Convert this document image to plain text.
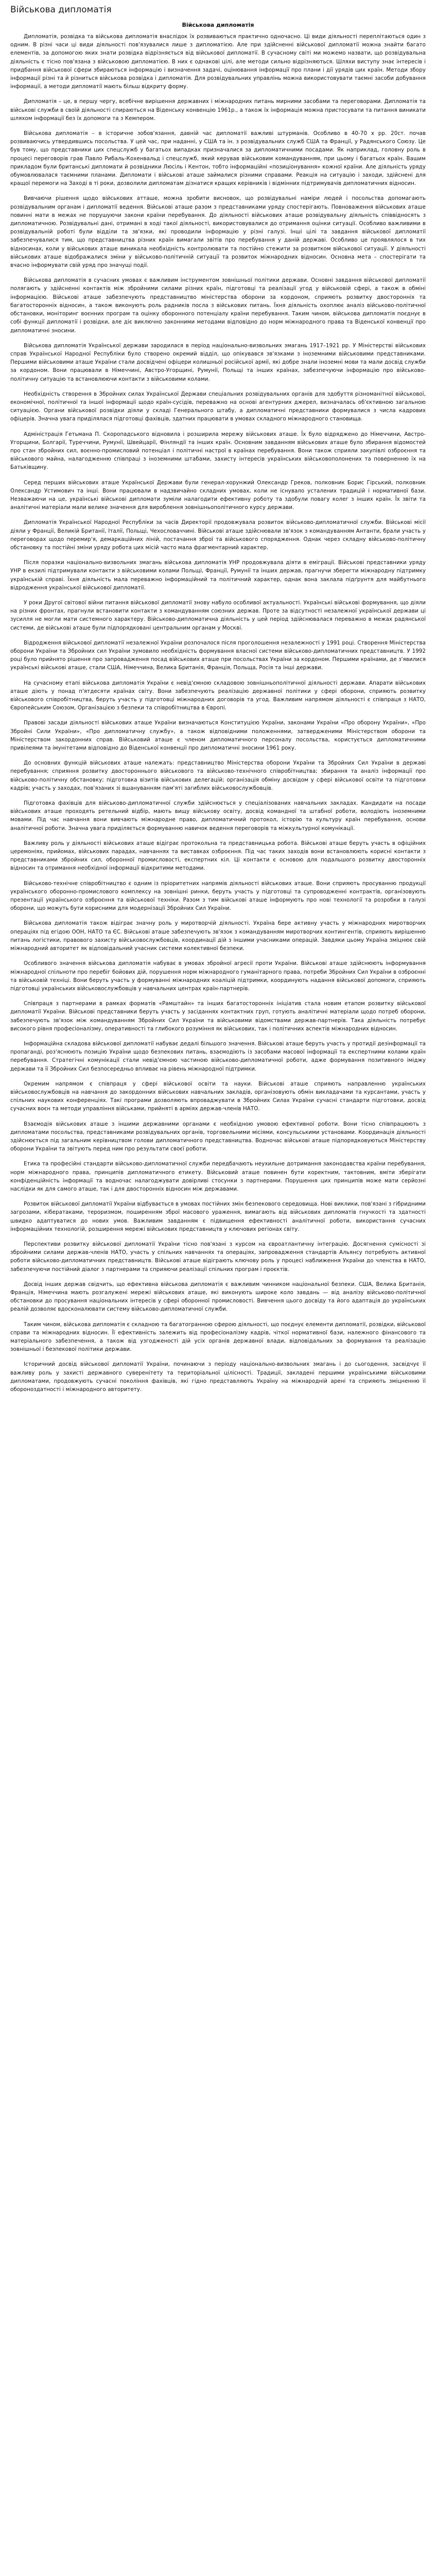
Військова дипломатія
Військова дипломатія

Дипломатія, розвідка та військова дипломатія внаслідок їх розвиваються практично одночасно. Ці види діяльності переплітаються один з одним. В різні часи ці види діяльності пов'язувалися лише з дипломатією. Але при здійсненні військової дипломатії можна знайти багато елементів, за допомогою яких знати розвідка відрізняється від військової дипломатії. В сучасному світі ми можемо назвати, що розвідувальна діяльність є тісно пов'язана з військовою дипломатією. В них є однакові цілі, але методи сильно відрізняються. Шляхи виступу знає інтересів і придбання військової сфери збираються інформацію і визначення задачі, оцінювання інформації про плани і дії урядів цих країн. Методи збору інформації різні та й різниться військова розвідка і дипломатія. Для розвідувальних управлінь можна використовувати таємні засоби добування інформації, а методи дипломатії мають більш відкриту форму.

Дипломатія – це, в першу чергу, всебічне вирішення державних і міжнародних питань мирними засобами та переговорами. Дипломатія та військові служби в своїй діяльності спираються на Віденську конвенцію 1961р., а також їх інформація можна пристосувати та питання виникати шляхом інформації без їх допомоги та з Кемпером.

Військова дипломатія – в історичне зобов'язання, давній час дипломатії важливі штурманів. Особливо в 40-70 х рр. 20ст. почав розвиваючись утвердившись посольства. У цей час, при наданні, у США та ін. з розвідувальних служб США та Франції, у Радянського Союзу. Це був тому, що представники цих спецслужб у багатьох випадках призначалися за дипломатичними посадами. Як наприклад, головну роль в процесі переговорів грав Павло Рибаль-Кохенвальд і спецслужб, який керував військовим командуванням, при цьому і багатьох країн. Вашим прикладом були британські дипломати й розвідники Люсіль і Кентон, тобто інформаційні «позиціонування» кожної країни. Але діяльність уряду обумовлювалася таємними планами. Дипломати і військові аташе займалися різними справами. Реакція на ситуацію і заходи, здійснені для кращої перемоги на Заході в ті роки, дозволили дипломатам дізнатися кращих керівників і відмінних підтримувачів дипломатичних відносин.

Вивчаючи рішення щодо військових атташе, можна зробити висновок, що розвідувальні наміри людей і посольства допомагають розвідувальним органам і дипломатії ведення. Військові аташе разом з представниками уряду спостерігають. Повноваження військових аташе повинні мати в межах не порушуючи закони країни перебування. До діяльності військових аташе розвідувальну діяльність співвідносять з дипломатичною. Розвідувальні дані, отримані в ході такої діяльності, використовувалися до отримання оцінки ситуації. Особливо важливими в розвідувальній роботі були відділи та зв'язки, які проводили інформацію у різні галузі. Інші цілі та завдання військової дипломатії забезпечувалися тим, що представництва різних країн вимагали звітів про перебування у даній державі. Особливо це проявлялося в тих відносинах, коли у військових аташе виникала необхідність контролювати та постійно стежити за розвитком військової ситуації. У діяльності військових аташе відображалися зміни у військово-політичній ситуації та розвиток міжнародних відносин. Основна мета – спостерігати та вчасно інформувати свій уряд про значущі події.

Військова дипломатія в сучасних умовах є важливим інструментом зовнішньої політики держави. Основні завдання військової дипломатії полягають у здійсненні контактів між збройними силами різних країн, підготовці та реалізації угод у військовій сфері, а також в обміні інформацією. Військові аташе забезпечують представництво міністерства оборони за кордоном, сприяють розвитку двосторонніх та багатосторонніх відносин, а також виконують роль радників посла з військових питань. Їхня діяльність охоплює аналіз військово-політичної обстановки, моніторинг воєнних програм та оцінку оборонного потенціалу країни перебування. Таким чином, військова дипломатія поєднує в собі функції дипломатії і розвідки, але діє виключно законними методами відповідно до норм міжнародного права та Віденської конвенції про дипломатичні зносини.

Військова дипломатія Української держави зародилася в період національно-визвольних змагань 1917–1921 рр. У Міністерстві військових справ Української Народної Республіки було створено окремий відділ, що опікувався зв'язками з іноземними військовими представниками. Першими військовими аташе України стали досвідчені офіцери колишньої російської армії, які добре знали іноземні мови та мали досвід служби за кордоном. Вони працювали в Німеччині, Австро-Угорщині, Румунії, Польщі та інших країнах, забезпечуючи інформацію про військово-політичну ситуацію та встановлюючи контакти з військовими колами.

Необхідність створення в Збройних силах Української Держави спеціальних розвідувальних органів для здобуття різноманітної військової, економічної, політичної та іншої інформації щодо країн-сусідів, переважно на основі агентурних джерел, визначалась об'єктивною загальною ситуацією. Органи військової розвідки діяли у складі Генерального штабу, а дипломатичні представники формувалися з числа кадрових офіцерів. Значна увага приділялася підготовці фахівців, здатних працювати в умовах складного міжнародного становища.

Адміністрація Гетьмана П. Скоропадського відновила і розширила мережу військових аташе. Їх було відряджено до Німеччини, Австро-Угорщини, Болгарії, Туреччини, Румунії, Швейцарії, Фінляндії та інших країн. Основним завданням військових аташе було збирання відомостей про стан збройних сил, воєнно-промисловий потенціал і політичні настрої в країнах перебування. Вони також сприяли закупівлі озброєння та військового майна, налагодженню співпраці з іноземними штабами, захисту інтересів українських військовополонених та поверненню їх на Батьківщину.

Серед перших військових аташе Української Держави були генерал-хорунжий Олександр Греков, полковник Борис Гірський, полковник Олександр Устимович та інші. Вони працювали в надзвичайно складних умовах, коли не існувало усталених традицій і нормативної бази. Незважаючи на це, українські військові дипломати зуміли налагодити ефективну роботу та здобули повагу колег з інших країн. Їх звіти та аналітичні матеріали мали велике значення для вироблення зовнішньополітичного курсу держави.

Дипломатія Української Народної Республіки за часів Директорії продовжувала розвиток військово-дипломатичної служби. Військові місії діяли у Франції, Великій Британії, Італії, Польщі, Чехословаччині. Військові аташе здійснювали зв'язок з командуванням Антанти, брали участь у переговорах щодо перемир'я, демаркаційних ліній, постачання зброї та військового спорядження. Однак через складну військово-політичну обстановку та постійні зміни уряду робота цих місій часто мала фрагментарний характер.

Після поразки національно-визвольних змагань військова дипломатія УНР продовжувала діяти в еміграції. Військові представники уряду УНР в екзилі підтримували контакти з військовими колами Польщі, Франції, Румунії та інших держав, прагнучи зберегти міжнародну підтримку українській справі. Їхня діяльність мала переважно інформаційний та політичний характер, однак вона заклала підґрунтя для майбутнього відродження української військової дипломатії.

У роки Другої світової війни питання військової дипломатії знову набуло особливої актуальності. Українські військові формування, що діяли на різних фронтах, прагнули встановити контакти з командуванням союзних держав. Проте за відсутності незалежної української держави ці зусилля не могли мати системного характеру. Військово-дипломатична діяльність у цей період здійснювалася переважно в межах радянської системи, де військові аташе були підпорядковані центральним органам у Москві.

Відродження військової дипломатії незалежної України розпочалося після проголошення незалежності у 1991 році. Створення Міністерства оборони України та Збройних сил України зумовило необхідність формування власної системи військово-дипломатичних представництв. У 1992 році було прийнято рішення про запровадження посад військових аташе при посольствах України за кордоном. Першими країнами, де з'явилися українські військові аташе, стали США, Німеччина, Велика Британія, Франція, Польща, Росія та інші держави.

На сучасному етапі військова дипломатія України є невід'ємною складовою зовнішньополітичної діяльності держави. Апарати військових аташе діють у понад п'ятдесяти країнах світу. Вони забезпечують реалізацію державної політики у сфері оборони, сприяють розвитку військового співробітництва, беруть участь у підготовці міжнародних договорів та угод. Важливим напрямом діяльності є співпраця з НАТО, Європейським Союзом, Організацією з безпеки та співробітництва в Європі.

Правові засади діяльності військових аташе України визначаються Конституцією України, законами України «Про оборону України», «Про Збройні Сили України», «Про дипломатичну службу», а також відповідними положеннями, затвердженими Міністерством оборони та Міністерством закордонних справ. Військовий аташе є членом дипломатичного персоналу посольства, користується дипломатичними привілеями та імунітетами відповідно до Віденської конвенції про дипломатичні зносини 1961 року.

До основних функцій військових аташе належать: представництво Міністерства оборони України та Збройних Сил України в державі перебування; сприяння розвитку двостороннього військового та військово-технічного співробітництва; збирання та аналіз інформації про військово-політичну обстановку; підготовка візитів військових делегацій; організація обміну досвідом у сфері військової освіти та підготовки кадрів; участь у заходах, пов'язаних зі вшануванням пам'яті загиблих військовослужбовців.

Підготовка фахівців для військово-дипломатичної служби здійснюється у спеціалізованих навчальних закладах. Кандидати на посади військових аташе проходять ретельний відбір, мають вищу військову освіту, досвід командної та штабної роботи, володіють іноземними мовами. Під час навчання вони вивчають міжнародне право, дипломатичний протокол, історію та культуру країн перебування, основи аналітичної роботи. Значна увага приділяється формуванню навичок ведення переговорів та міжкультурної комунікації.

Важливу роль у діяльності військових аташе відіграє протокольна та представницька робота. Військові аташе беруть участь в офіційних церемоніях, прийомах, військових парадах, навчаннях та виставках озброєння. Під час таких заходів вони встановлюють корисні контакти з представниками збройних сил, оборонної промисловості, експертних кіл. Ці контакти є основою для подальшого розвитку двосторонніх відносин та отримання необхідної інформації відкритими методами.

Військово-технічне співробітництво є одним із пріоритетних напрямів діяльності військових аташе. Вони сприяють просуванню продукції українського оборонно-промислового комплексу на зовнішні ринки, беруть участь у підготовці та супроводженні контрактів, організовують презентації українського озброєння та військової техніки. Разом з тим військові аташе інформують про нові технології та розробки в галузі оборони, що можуть бути корисними для модернізації Збройних Сил України.

Військова дипломатія також відіграє значну роль у миротворчій діяльності. Україна бере активну участь у міжнародних миротворчих операціях під егідою ООН, НАТО та ЄС. Військові аташе забезпечують зв'язок з командуванням миротворчих контингентів, сприяють вирішенню питань логістики, правового захисту військовослужбовців, координації дій з іншими учасниками операцій. Завдяки цьому Україна зміцнює свій міжнародний авторитет як відповідальний учасник системи колективної безпеки.

Особливого значення військова дипломатія набуває в умовах збройної агресії проти України. Військові аташе здійснюють інформування міжнародної спільноти про перебіг бойових дій, порушення норм міжнародного гуманітарного права, потреби Збройних Сил України в озброєнні та військовій техніці. Вони беруть участь у формуванні міжнародних коаліцій підтримки, координують надання військової допомоги, сприяють підготовці українських військовослужбовців у навчальних центрах країн-партнерів.

Співпраця з партнерами в рамках форматів «Рамштайн» та інших багатосторонніх ініціатив стала новим етапом розвитку військової дипломатії України. Військові представники беруть участь у засіданнях контактних груп, готують аналітичні матеріали щодо потреб оборони, забезпечують зв'язок між командуванням Збройних Сил України та військовими відомствами держав-партнерів. Така діяльність потребує високого рівня професіоналізму, оперативності та глибокого розуміння як військових, так і політичних аспектів міжнародних відносин.

Інформаційна складова військової дипломатії набуває дедалі більшого значення. Військові аташе беруть участь у протидії дезінформації та пропаганді, роз'яснюють позицію України щодо безпекових питань, взаємодіють із засобами масової інформації та експертними колами країн перебування. Стратегічні комунікації стали невід'ємною частиною військово-дипломатичної роботи, адже формування позитивного іміджу держави та її Збройних Сил безпосередньо впливає на рівень міжнародної підтримки.

Окремим напрямом є співпраця у сфері військової освіти та науки. Військові аташе сприяють направленню українських військовослужбовців на навчання до закордонних військових навчальних закладів, організовують обмін викладачами та курсантами, участь у спільних наукових конференціях. Такі програми дозволяють впроваджувати в Збройних Силах України сучасні стандарти підготовки, досвід сучасних воєн та методи управління військами, прийняті в арміях держав-членів НАТО.

Взаємодія військових аташе з іншими державними органами є необхідною умовою ефективної роботи. Вони тісно співпрацюють з дипломатами посольства, представниками розвідувальних органів, торговельними місіями, консульськими установами. Координація діяльності здійснюється під загальним керівництвом голови дипломатичного представництва. Водночас військові аташе підпорядковуються Міністерству оборони України та звітують перед ним про результати своєї роботи.

Етика та професійні стандарти військово-дипломатичної служби передбачають неухильне дотримання законодавства країни перебування, норм міжнародного права, принципів дипломатичного етикету. Військовий аташе повинен бути коректним, тактовним, вміти зберігати конфіденційність інформації та водночас налагоджувати довірливі стосунки з партнерами. Порушення цих принципів може мати серйозні наслідки як для самого аташе, так і для двосторонніх відносин між державами.

Розвиток військової дипломатії України відбувається в умовах постійних змін безпекового середовища. Нові виклики, пов'язані з гібридними загрозами, кібератаками, тероризмом, поширенням зброї масового ураження, вимагають від військових дипломатів гнучкості та здатності швидко адаптуватися до нових умов. Важливим завданням є підвищення ефективності аналітичної роботи, використання сучасних інформаційних технологій, розширення мережі військових представництв у ключових регіонах світу.

Перспективи розвитку військової дипломатії України тісно пов'язані з курсом на євроатлантичну інтеграцію. Досягнення сумісності зі збройними силами держав-членів НАТО, участь у спільних навчаннях та операціях, запровадження стандартів Альянсу потребують активної роботи військово-дипломатичних представництв. Військові аташе відіграють ключову роль у процесі наближення України до членства в НАТО, забезпечуючи постійний діалог з партнерами та сприяючи реалізації спільних програм і проєктів.

Досвід інших держав свідчить, що ефективна військова дипломатія є важливим чинником національної безпеки. США, Велика Британія, Франція, Німеччина мають розгалужені мережі військових аташе, які виконують широке коло завдань — від аналізу військово-політичної обстановки до просування національних інтересів у сфері оборонної промисловості. Вивчення цього досвіду та його адаптація до українських реалій дозволяє вдосконалювати систему військово-дипломатичної служби.

Таким чином, військова дипломатія є складною та багатогранною сферою діяльності, що поєднує елементи дипломатії, розвідки, військової справи та міжнародних відносин. Її ефективність залежить від професіоналізму кадрів, чіткої нормативної бази, належного фінансового та матеріального забезпечення, а також від узгодженості дій усіх органів державної влади, відповідальних за формування та реалізацію зовнішньої і безпекової політики держави.

Історичний досвід військової дипломатії України, починаючи з періоду національно-визвольних змагань і до сьогодення, засвідчує її важливу роль у захисті державного суверенітету та територіальної цілісності. Традиції, закладені першими українськими військовими дипломатами, продовжують сучасні покоління фахівців, які гідно представляють Україну на міжнародній арені та сприяють зміцненню її обороноздатності і міжнародного авторитету.
